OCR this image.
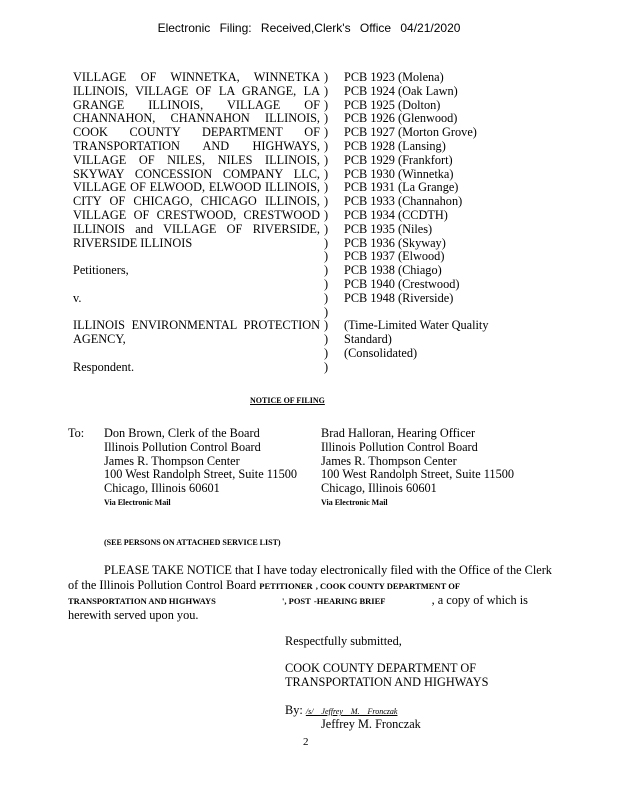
Electronic Filing: Received,Clerk's Office 04/21/2020
VILLAGE OF WINNETKA, WINNETKA
ILLINOIS, VILLAGE OF LA GRANGE, LA
GRANGE ILLINOIS, VILLAGE OF
CHANNAHON, CHANNAHON ILLINOIS,
COOK COUNTY DEPARTMENT OF
TRANSPORTATION AND HIGHWAYS,
VILLAGE OF NILES, NILES ILLINOIS,
SKYWAY CONCESSION COMPANY LLC,
VILLAGE OF ELWOOD, ELWOOD ILLINOIS,
CITY OF CHICAGO, CHICAGO ILLINOIS,
VILLAGE OF CRESTWOOD, CRESTWOOD
ILLINOIS and VILLAGE OF RIVERSIDE,
RIVERSIDE ILLINOIS
Petitioners,
v.
ILLINOIS ENVIRONMENTAL PROTECTION
AGENCY,
Respondent.
)
)
)
)
)
)
)
)
)
)
)
)
)
)
)
)
)
)
)
)
)
)
PCB 1923 (Molena)
PCB 1924 (Oak Lawn)
PCB 1925 (Dolton)
PCB 1926 (Glenwood)
PCB 1927 (Morton Grove)
PCB 1928 (Lansing)
PCB 1929 (Frankfort)
PCB 1930 (Winnetka)
PCB 1931 (La Grange)
PCB 1933 (Channahon)
PCB 1934 (CCDTH)
PCB 1935 (Niles)
PCB 1936 (Skyway)
PCB 1937 (Elwood)
PCB 1938 (Chiago)
PCB 1940 (Crestwood)
PCB 1948 (Riverside)
(Time-Limited Water Quality
Standard)
(Consolidated)
NOTICE OF FILING
To: Don Brown, Clerk of the Board
Illinois Pollution Control Board
James R. Thompson Center
100 West Randolph Street, Suite 11500
Chicago, Illinois 60601
Via Electronic Mail
Brad Halloran, Hearing Officer
Illinois Pollution Control Board
James R. Thompson Center
100 West Randolph Street, Suite 11500
Chicago, Illinois 60601
Via Electronic Mail
(SEE PERSONS ON ATTACHED SERVICE LIST)
PLEASE TAKE NOTICE that I have today electronically filed with the Office of the Clerk
of the Illinois Pollution Control Board PETITIONER , COOK COUNTY DEPARTMENT OF
TRANSPORTATION AND HIGHWAYS	', POST -HEARING BRIEF	, a copy of which is
herewith served upon you.
Respectfully submitted,
COOK COUNTY DEPARTMENT OF
TRANSPORTATION AND HIGHWAYS
By: /s/ Jeffrey M. Fronczak
Jeffrey M. Fronczak
2
